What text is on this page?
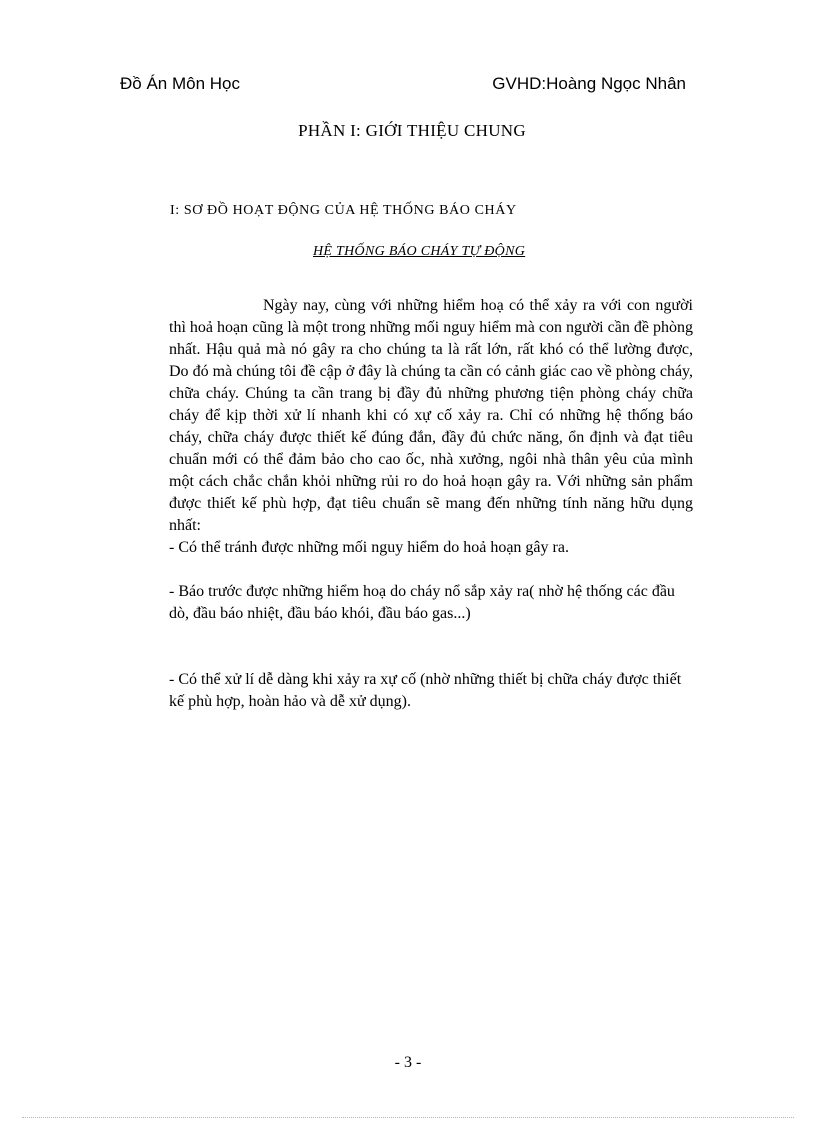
Đồ Án Môn Học	GVHD:Hoàng Ngọc Nhân
PHẦN I: GIỚI THIỆU CHUNG
I: SƠ ĐỒ HOẠT ĐỘNG CỦA HỆ THỐNG BÁO CHÁY
HỆ THỐNG BÁO CHÁY TỰ ĐỘNG

Ngày nay, cùng với những hiểm hoạ có thể xảy ra với con người thì hoả hoạn cũng là một trong những mối nguy hiểm mà con người cần đề phòng nhất. Hậu quả mà nó gây ra cho chúng ta là rất lớn, rất khó có thể lường được, Do đó mà chúng tôi đề cập ở đây là chúng ta cần có cảnh giác cao về phòng cháy, chữa cháy. Chúng ta cần trang bị đầy đủ những phương tiện phòng cháy chữa cháy để kịp thời xử lí nhanh khi có xự cố xảy ra. Chỉ có những hệ thống báo cháy, chữa cháy được thiết kế đúng đắn, đầy đủ chức năng, ổn định và đạt tiêu chuẩn mới có thể đảm bảo cho cao ốc, nhà xưởng, ngôi nhà thân yêu của mình một cách chắc chắn khỏi những rủi ro do hoả hoạn gây ra. Với những sản phẩm được thiết kế phù hợp, đạt tiêu chuẩn sẽ mang đến những tính năng hữu dụng nhất:

- Có thể tránh được những mối nguy hiểm do hoả hoạn gây ra.

- Báo trước được những hiểm hoạ do cháy nổ sắp xảy ra( nhờ hệ thống các đầu dò, đầu báo nhiệt, đầu báo khói, đầu báo gas...)

- Có thể xử lí dễ dàng khi xảy ra xự cố (nhờ những thiết bị chữa cháy được thiết kế phù hợp, hoàn hảo và dễ xử dụng).

- 3 -
